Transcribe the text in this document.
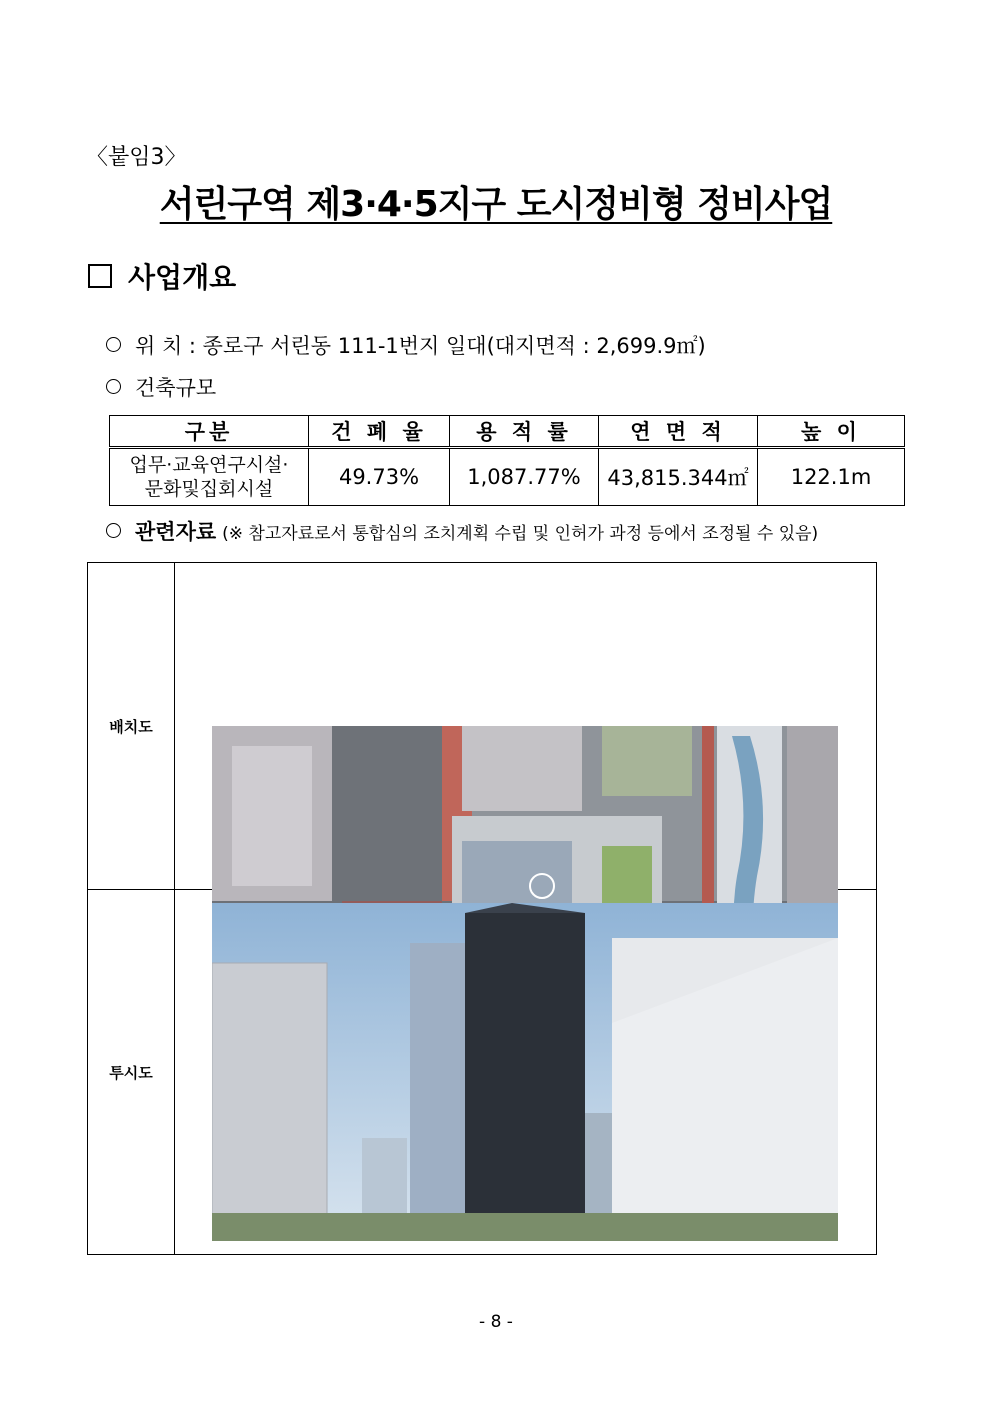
〈붙임3〉
서린구역 제3·4·5지구 도시정비형 정비사업
사업개요
위 치 : 종로구 서린동 111-1번지 일대(대지면적 : 2,699.9㎡)
건축규모
구분	건 폐 율	용 적 률	연 면 적	높 이

업무·교육연구시설·
문화및집회시설	49.73%	1,087.77%	43,815.344㎡	122.1m
관련자료 (※ 참고자료로서 통합심의 조치계획 수립 및 인허가 과정 등에서 조정될 수 있음)
배치도	

투시도	
- 8 -
